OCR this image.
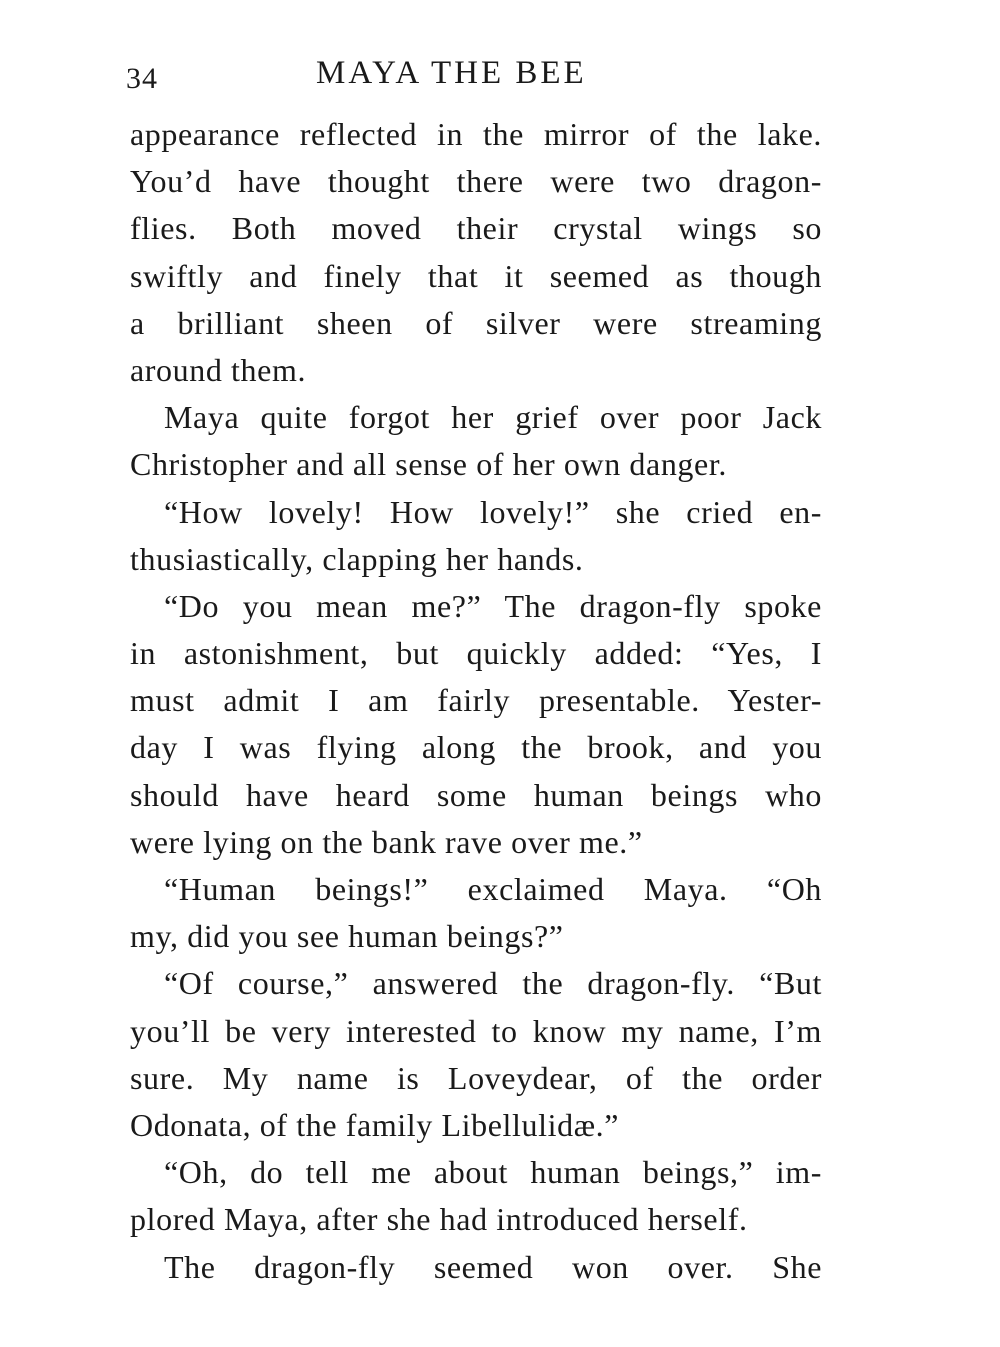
34	MAYA THE BEE
appearance reflected in the mirror of the lake.
You’d have thought there were two dragon-
flies. Both moved their crystal wings so
swiftly and finely that it seemed as though
a brilliant sheen of silver were streaming
around them.
Maya quite forgot her grief over poor Jack
Christopher and all sense of her own danger.
“How lovely! How lovely!” she cried en-
thusiastically, clapping her hands.
“Do you mean me?” The dragon-fly spoke
in astonishment, but quickly added: “Yes, I
must admit I am fairly presentable. Yester-
day I was flying along the brook, and you
should have heard some human beings who
were lying on the bank rave over me.”
“Human beings!” exclaimed Maya. “Oh
my, did you see human beings?”
“Of course,” answered the dragon-fly. “But
you’ll be very interested to know my name, I’m
sure. My name is Loveydear, of the order
Odonata, of the family Libellulidæ.”
“Oh, do tell me about human beings,” im-
plored Maya, after she had introduced herself.
The dragon-fly seemed won over. She
